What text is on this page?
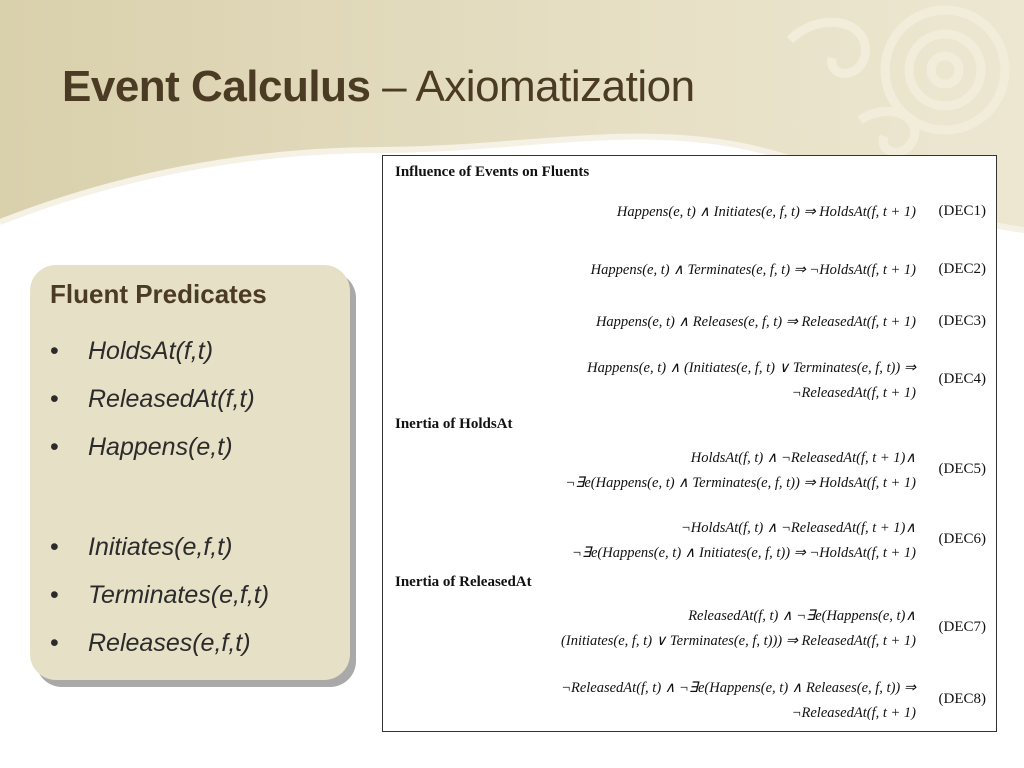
Event Calculus – Axiomatization
Fluent Predicates
• HoldsAt(f,t)
• ReleasedAt(f,t)
• Happens(e,t)
• Initiates(e,f,t)
• Terminates(e,f,t)
• Releases(e,f,t)
Influence of Events on Fluents
Inertia of HoldsAt
Inertia of ReleasedAt
Happens(e, t) ∧ Initiates(e, f, t) ⇒ HoldsAt(f, t + 1) (DEC1)
Happens(e, t) ∧ Terminates(e, f, t) ⇒ ¬HoldsAt(f, t + 1) (DEC2)
Happens(e, t) ∧ Releases(e, f, t) ⇒ ReleasedAt(f, t + 1) (DEC3)
Happens(e, t) ∧ (Initiates(e, f, t) ∨ Terminates(e, f, t)) ⇒
¬ReleasedAt(f, t + 1)
(DEC4)
HoldsAt(f, t) ∧ ¬ReleasedAt(f, t + 1)∧
¬∃e(Happens(e, t) ∧ Terminates(e, f, t)) ⇒ HoldsAt(f, t + 1)
(DEC5)
¬HoldsAt(f, t) ∧ ¬ReleasedAt(f, t + 1)∧
¬∃e(Happens(e, t) ∧ Initiates(e, f, t)) ⇒ ¬HoldsAt(f, t + 1)
(DEC6)
ReleasedAt(f, t) ∧ ¬∃e(Happens(e, t)∧
(Initiates(e, f, t) ∨ Terminates(e, f, t))) ⇒ ReleasedAt(f, t + 1)
(DEC7)
¬ReleasedAt(f, t) ∧ ¬∃e(Happens(e, t) ∧ Releases(e, f, t)) ⇒
¬ReleasedAt(f, t + 1)
(DEC8)
